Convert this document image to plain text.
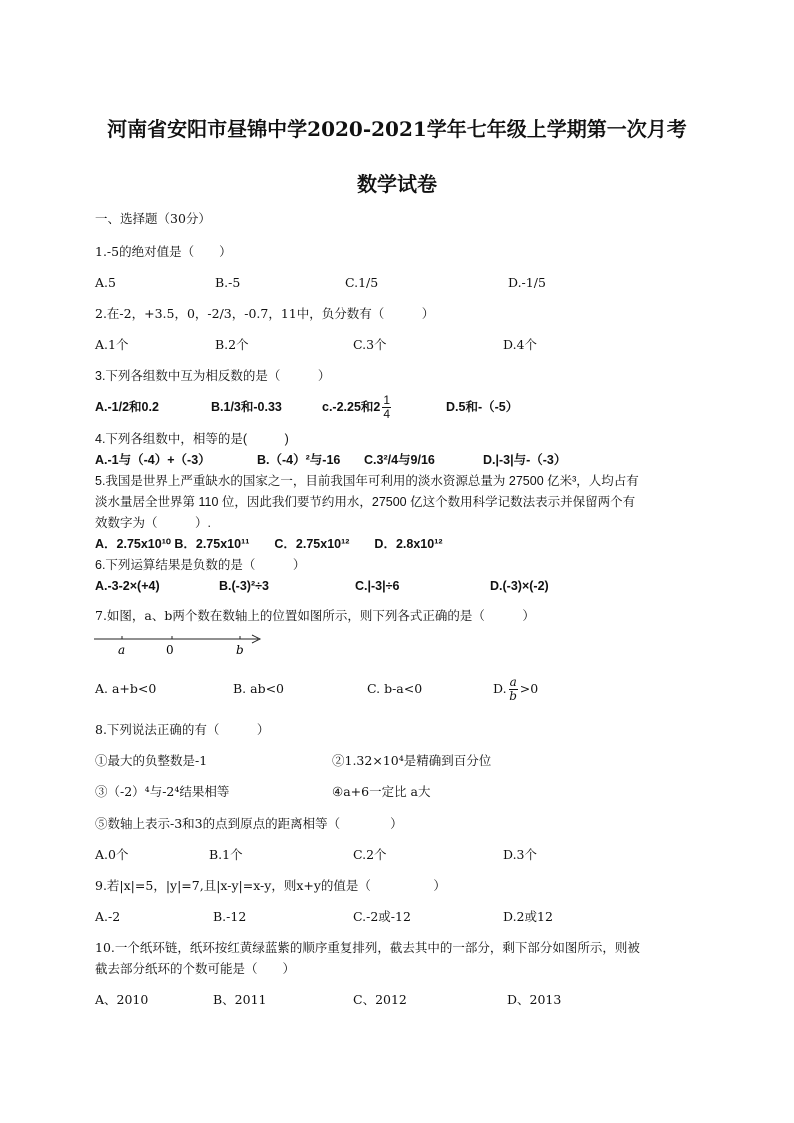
河南省安阳市昼锦中学2020-2021学年七年级上学期第一次月考
数学试卷
一、选择题（30分）
1.-5的绝对值是（　　）
A.5	B.-5	C.1/5	D.-1/5
2.在-2，+3.5，0，-2/3，-0.7，11中，负分数有（　　　）
A.1个	B.2个	C.3个	D.4个
3.下列各组数中互为相反数的是（　　　）
A.-1/2和0.2	B.1/3和-0.33	c.-2.25和$2 \frac{1}{4}$	D.5和-（-5）
4.下列各组数中，相等的是(　　　)
A.-1与（-4）+（-3）	B.（-4）²与-16 C.3²/4与9/16	D.|-3|与-（-3）
5.我国是世界上严重缺水的国家之一，目前我国年可利用的淡水资源总量为 27500 亿米³，人均占有
淡水量居全世界第 110 位，因此我们要节约用水，27500 亿这个数用科学记数法表示并保留两个有
效数字为（　　　）.
A．2.75x10¹⁰ B．2.75x10¹¹　　C．2.75x10¹²　　D．2.8x10¹²
6.下列运算结果是负数的是（　　　）
A.-3-2×(+4)	B.(-3)²÷3	C.|-3|÷6	D.(-3)×(-2)
7.如图，a、b两个数在数轴上的位置如图所示，则下列各式正确的是（　　　）
a	0	b
A. a+b<0	B. ab<0	C. b-a<0	D. $\frac{a}{b} >0$
8.下列说法正确的有（　　　）
①最大的负整数是-1	②1.32×10⁴是精确到百分位
③（-2）⁴与-2⁴结果相等	④a+6一定比 a大
⑤数轴上表示-3和3的点到原点的距离相等（　　　　）
A.0个	B.1个	C.2个	D.3个
9.若|x|=5，|y|=7,且|x-y|=x-y，则x+y的值是（　　　　　）
A.-2	B.-12	C.-2或-12	D.2或12
10.一个纸环链，纸环按红黄绿蓝紫的顺序重复排列，截去其中的一部分，剩下部分如图所示，则被
截去部分纸环的个数可能是（　　）
A、2010	B、2011	C、2012	D、2013
